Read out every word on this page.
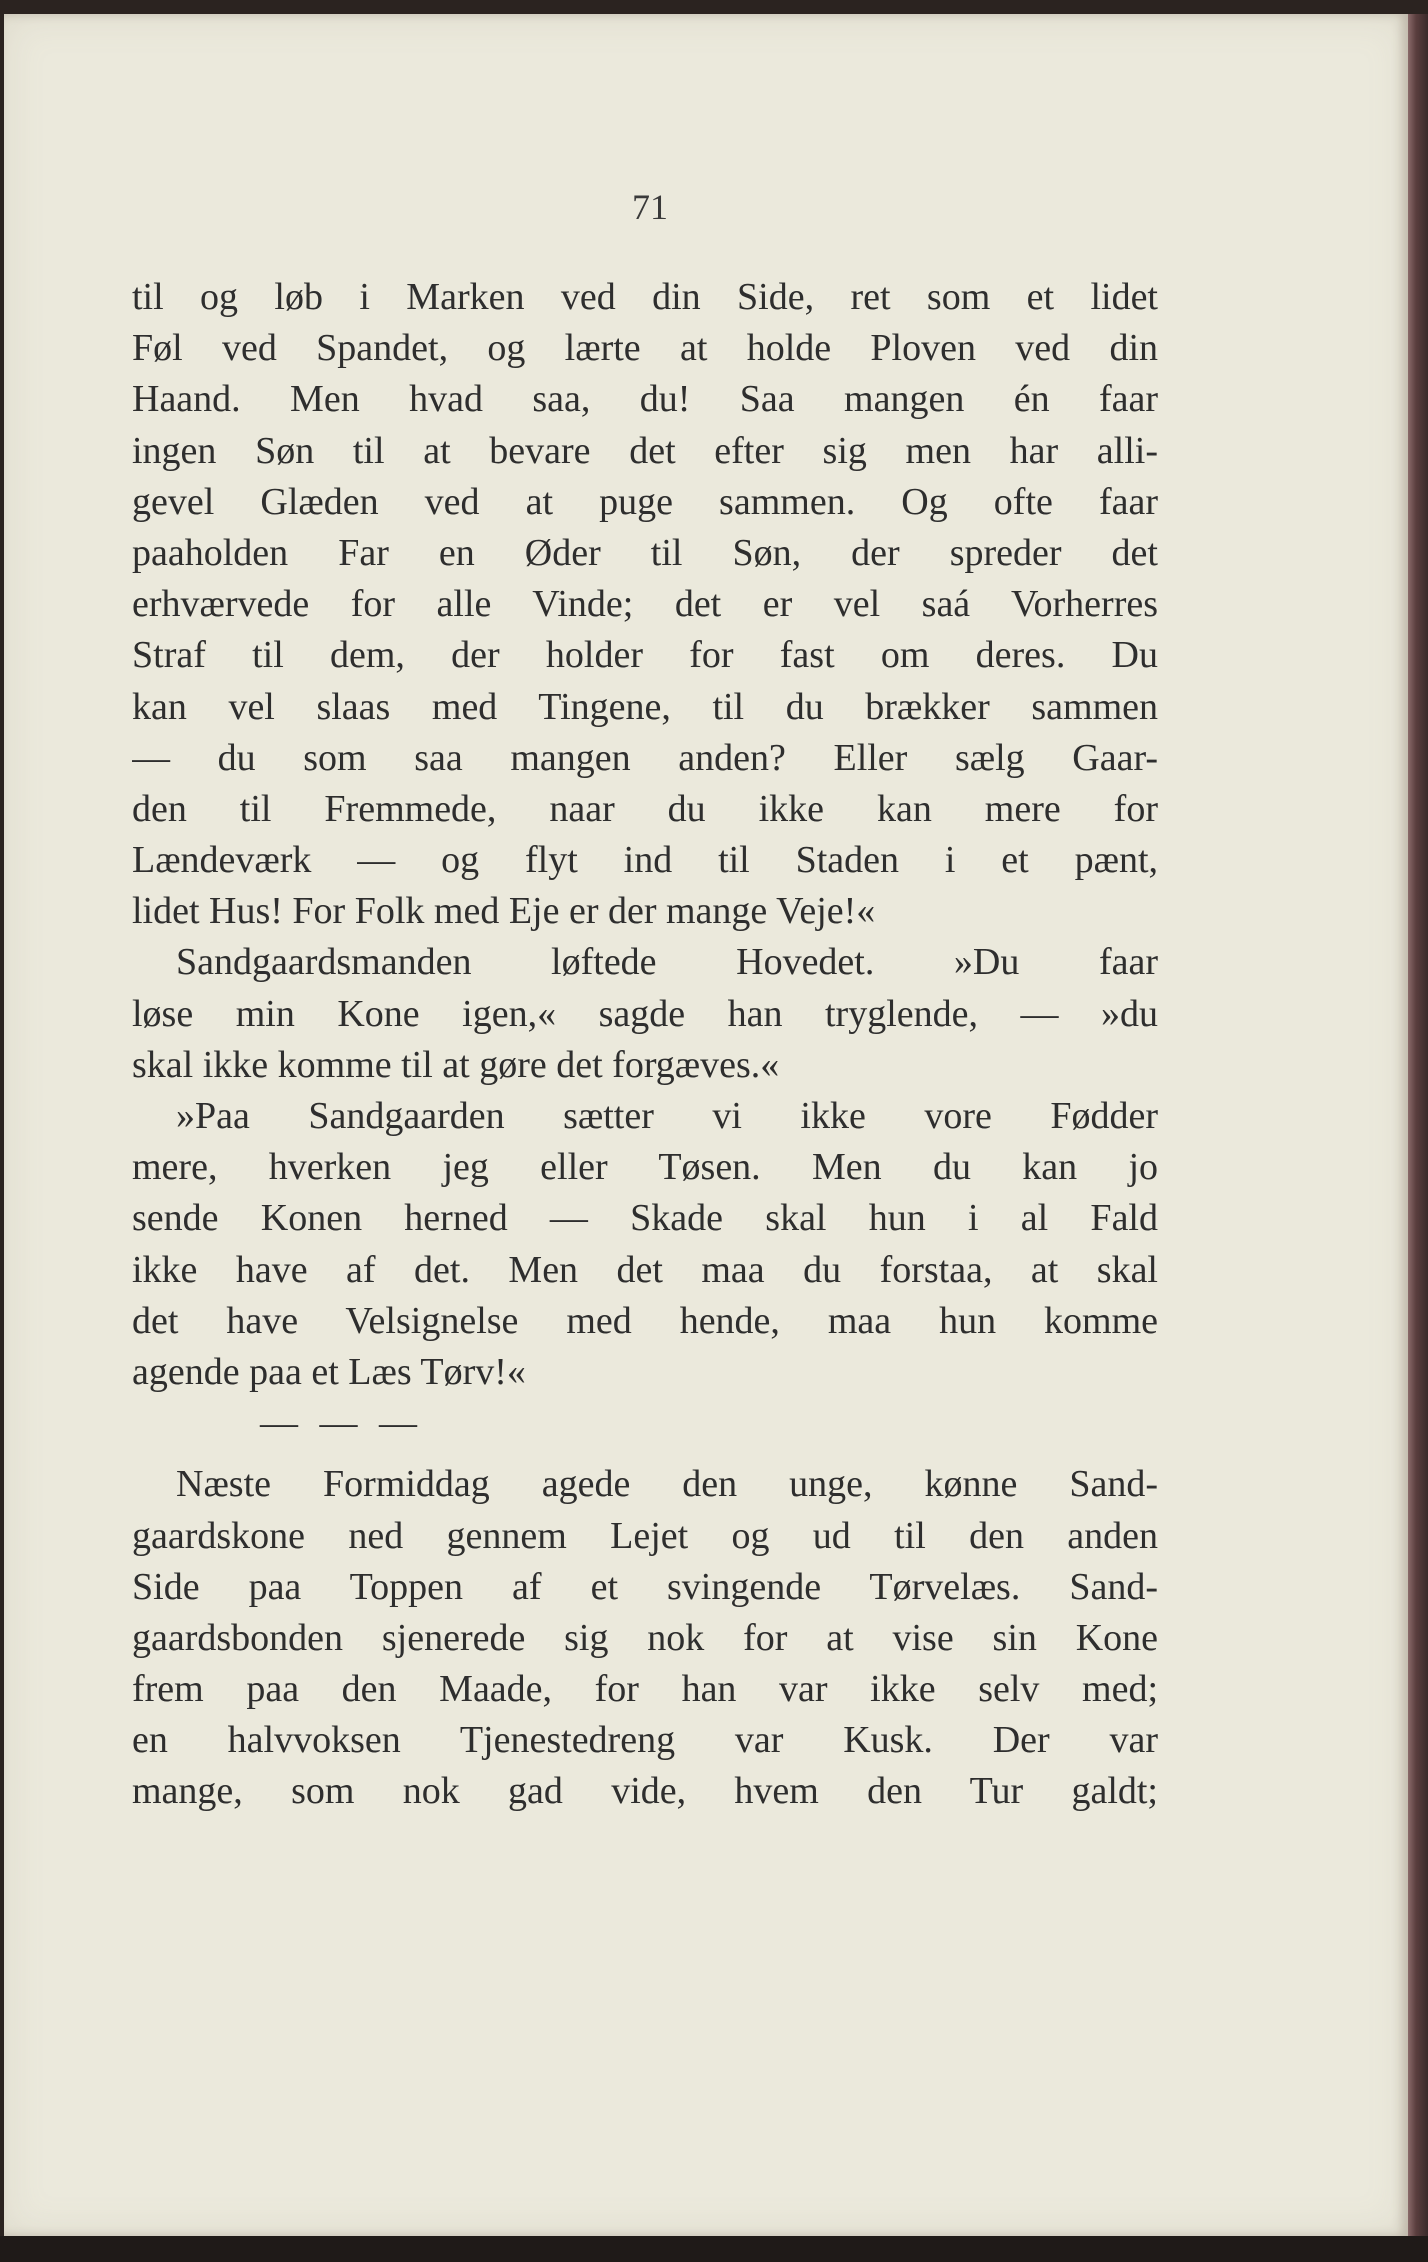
71
til og løb i Marken ved din Side, ret som et lidet
Føl ved Spandet, og lærte at holde Ploven ved din
Haand. Men hvad saa, du! Saa mangen én faar
ingen Søn til at bevare det efter sig men har alli-
gevel Glæden ved at puge sammen. Og ofte faar
paaholden Far en Øder til Søn, der spreder det
erhværvede for alle Vinde; det er vel saá Vorherres
Straf til dem, der holder for fast om deres. Du
kan vel slaas med Tingene, til du brækker sammen
— du som saa mangen anden? Eller sælg Gaar-
den til Fremmede, naar du ikke kan mere for
Lændeværk — og flyt ind til Staden i et pænt,
lidet Hus! For Folk med Eje er der mange Veje!«
Sandgaardsmanden løftede Hovedet. »Du faar
løse min Kone igen,« sagde han tryglende, — »du
skal ikke komme til at gøre det forgæves.«
»Paa Sandgaarden sætter vi ikke vore Fødder
mere, hverken jeg eller Tøsen. Men du kan jo
sende Konen herned — Skade skal hun i al Fald
ikke have af det. Men det maa du forstaa, at skal
det have Velsignelse med hende, maa hun komme
agende paa et Læs Tørv!«
— — —
Næste Formiddag agede den unge, kønne Sand-
gaardskone ned gennem Lejet og ud til den anden
Side paa Toppen af et svingende Tørvelæs. Sand-
gaardsbonden sjenerede sig nok for at vise sin Kone
frem paa den Maade, for han var ikke selv med;
en halvvoksen Tjenestedreng var Kusk. Der var
mange, som nok gad vide, hvem den Tur galdt;
